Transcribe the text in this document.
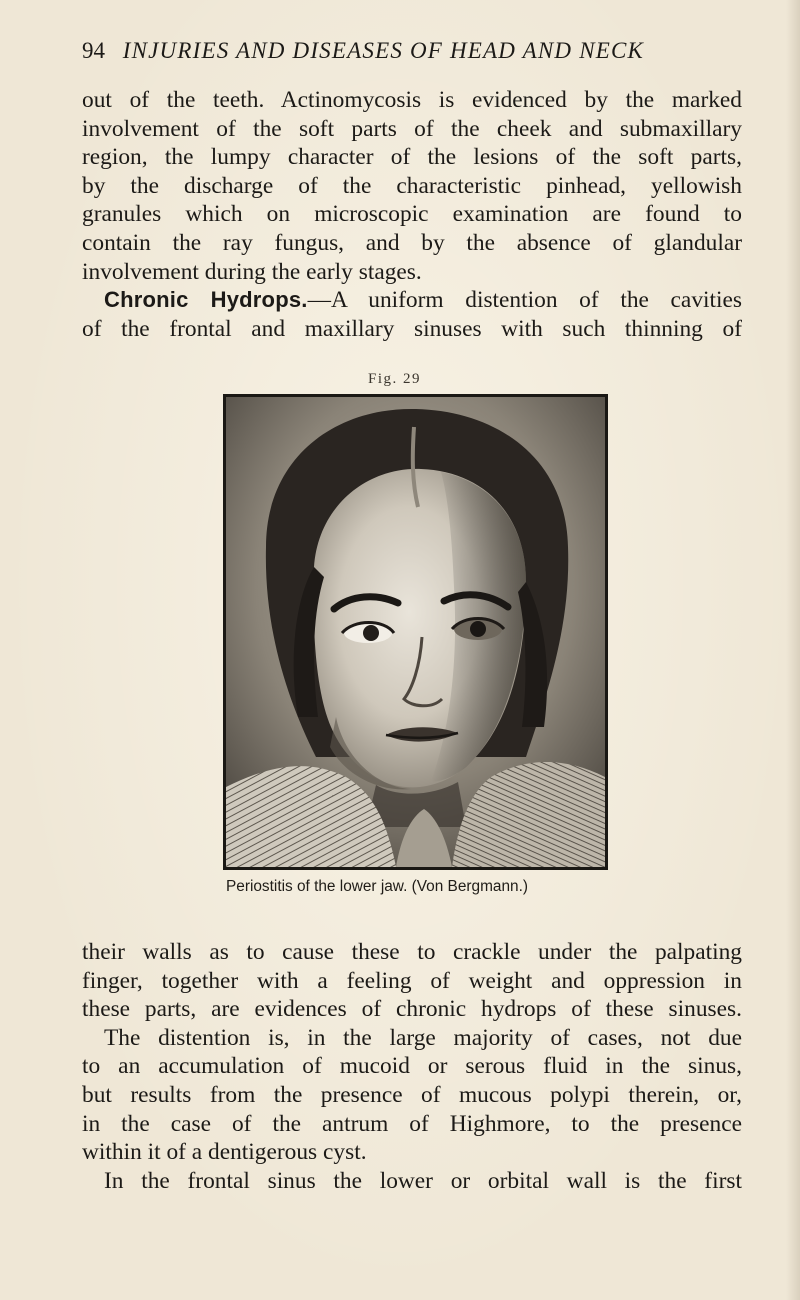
94 INJURIES AND DISEASES OF HEAD AND NECK
out of the teeth. Actinomycosis is evidenced by the marked
involvement of the soft parts of the cheek and submaxillary
region, the lumpy character of the lesions of the soft parts,
by the discharge of the characteristic pinhead, yellowish
granules which on microscopic examination are found to
contain the ray fungus, and by the absence of glandular
involvement during the early stages.
Chronic Hydrops.—A uniform distention of the cavities
of the frontal and maxillary sinuses with such thinning of
Fig. 29
Periostitis of the lower jaw. (Von Bergmann.)
their walls as to cause these to crackle under the palpating
finger, together with a feeling of weight and oppression in
these parts, are evidences of chronic hydrops of these sinuses.
The distention is, in the large majority of cases, not due
to an accumulation of mucoid or serous fluid in the sinus,
but results from the presence of mucous polypi therein, or,
in the case of the antrum of Highmore, to the presence
within it of a dentigerous cyst.
In the frontal sinus the lower or orbital wall is the first
